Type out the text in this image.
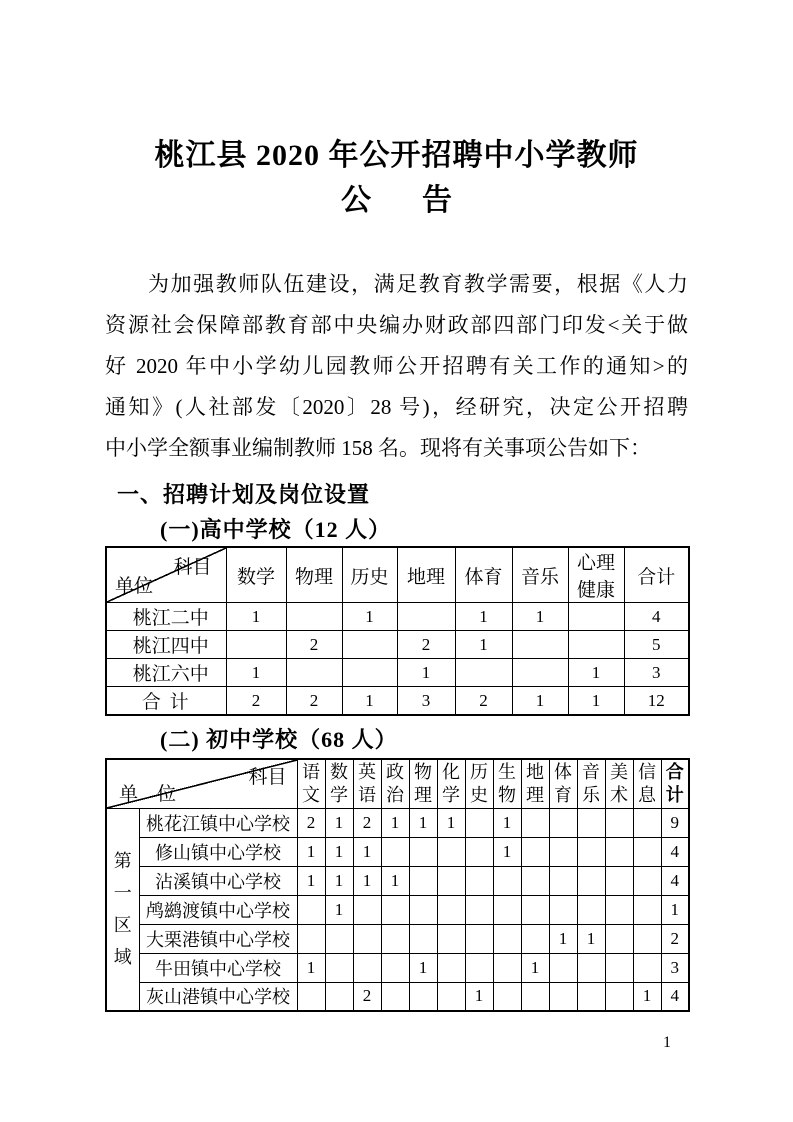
桃江县 2020 年公开招聘中小学教师
公告
为加强教师队伍建设，满足教育教学需要，根据《人力
资源社会保障部教育部中央编办财政部四部门印发<关于做
好 2020 年中小学幼儿园教师公开招聘有关工作的通知>的
通知》(人社部发〔2020〕28 号)，经研究，决定公开招聘
中小学全额事业编制教师 158 名。现将有关事项公告如下：
一、招聘计划及岗位设置
(一)高中学校（12 人）
科目
单位	数学	物理	历史	地理	体育	音乐	心理健康	合计
桃江二中	1		1		1	1		4
桃江四中		2		2	1			5
桃江六中	1			1			1	3
合 计	2	2	1	3	2	1	1	12
(二) 初中学校（68 人）
科目
单　位		语文	数学	英语	政治	物理	化学	历史	生物	地理	体育	音乐	美术	信息	合计
第一区域	桃花江镇中心学校	2	1	2	1	1	1		1						9
	修山镇中心学校	1	1	1					1						4
	沾溪镇中心学校	1	1	1	1										4
	鸬鹚渡镇中心学校		1												1
	大栗港镇中心学校										1	1			2
	牛田镇中心学校	1				1				1					3
	灰山港镇中心学校			2				1						1	4
1
